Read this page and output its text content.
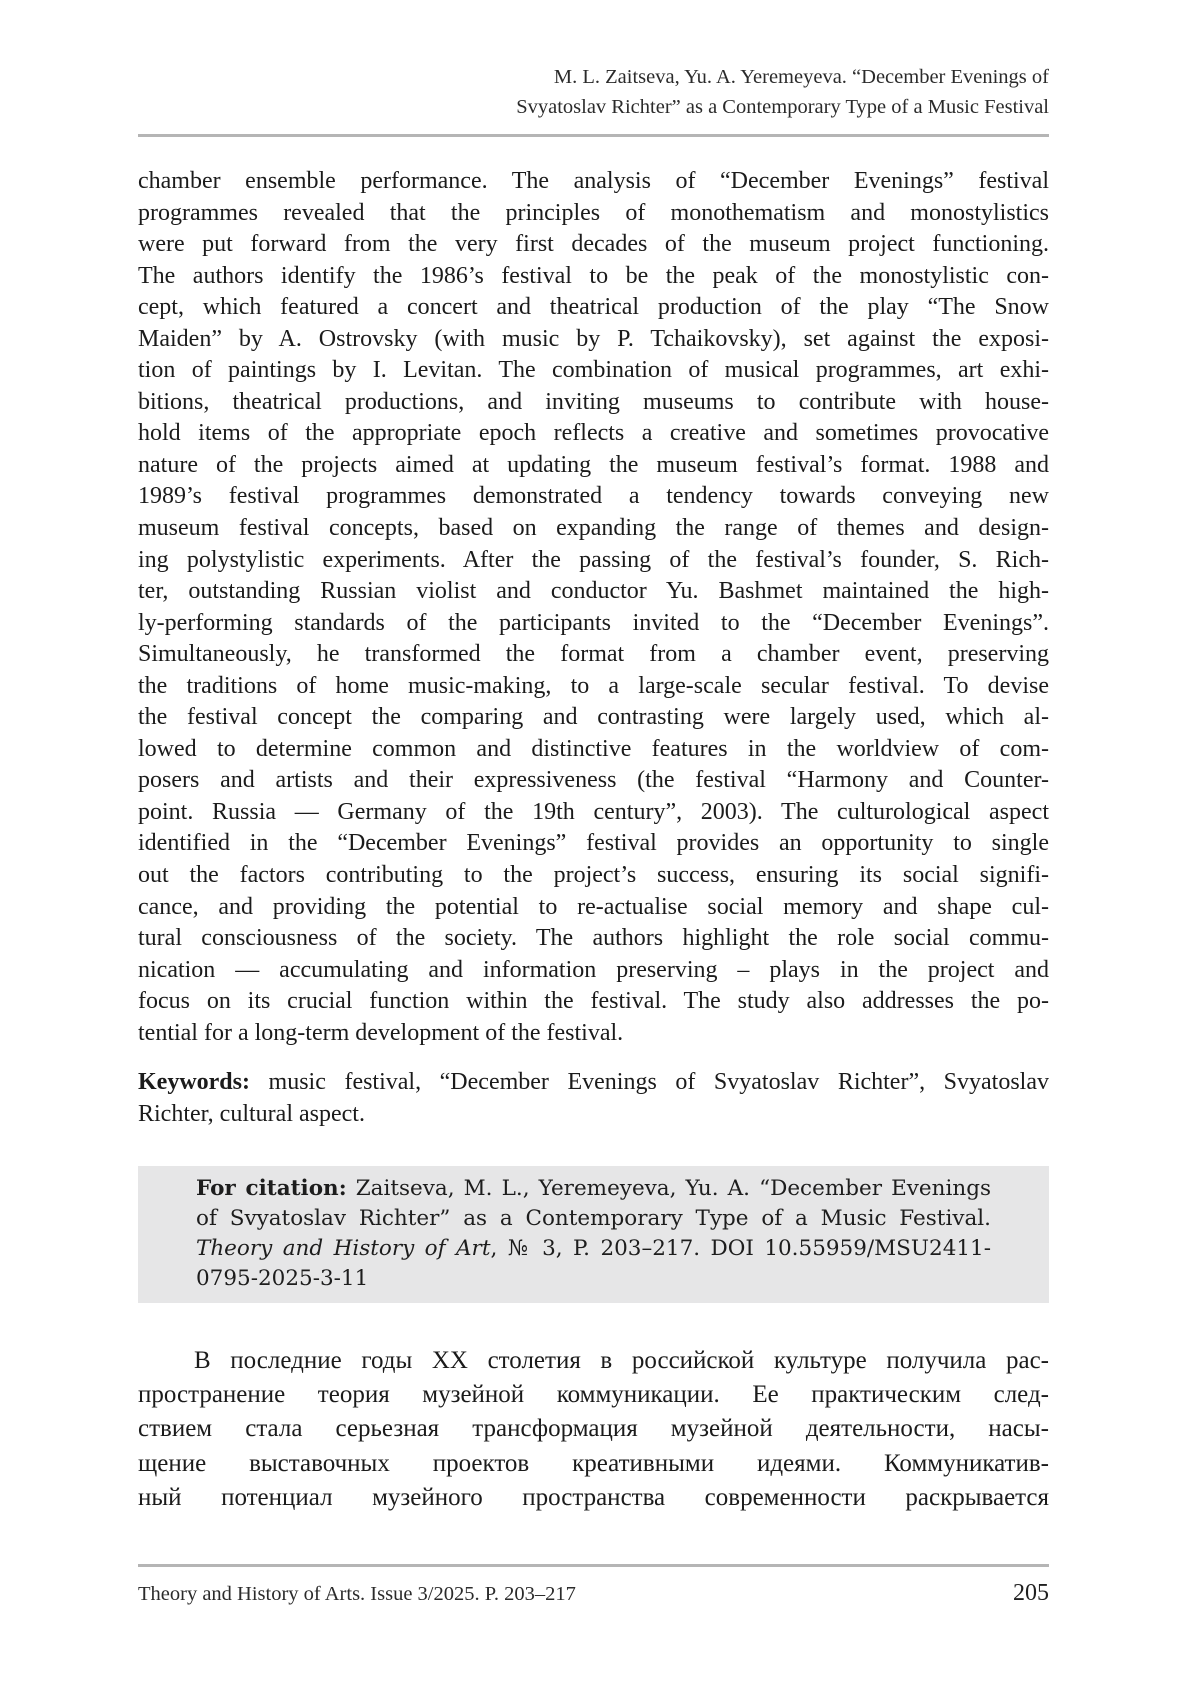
M. L. Zaitseva, Yu. A. Yeremeyeva. “December Evenings of
Svyatoslav Richter” as a Contemporary Type of a Music Festival
chamber ensemble performance. The analysis of “December Evenings” festival
programmes revealed that the principles of monothematism and monostylistics
were put forward from the very first decades of the museum project functioning.
The authors identify the 1986’s festival to be the peak of the monostylistic con-
cept, which featured a concert and theatrical production of the play “The Snow
Maiden” by A. Ostrovsky (with music by P. Tchaikovsky), set against the exposi-
tion of paintings by I. Levitan. The combination of musical programmes, art exhi-
bitions, theatrical productions, and inviting museums to contribute with house-
hold items of the appropriate epoch reflects a creative and sometimes provocative
nature of the projects aimed at updating the museum festival’s format. 1988 and
1989’s festival programmes demonstrated a tendency towards conveying new
museum festival concepts, based on expanding the range of themes and design-
ing polystylistic experiments. After the passing of the festival’s founder, S. Rich-
ter, outstanding Russian violist and conductor Yu. Bashmet maintained the high-
ly-performing standards of the participants invited to the “December Evenings”.
Simultaneously, he transformed the format from a chamber event, preserving
the traditions of home music-making, to a large-scale secular festival. To devise
the festival concept the comparing and contrasting were largely used, which al-
lowed to determine common and distinctive features in the worldview of com-
posers and artists and their expressiveness (the festival “Harmony and Counter-
point. Russia — Germany of the 19th century”, 2003). The culturological aspect
identified in the “December Evenings” festival provides an opportunity to single
out the factors contributing to the project’s success, ensuring its social signifi-
cance, and providing the potential to re-actualise social memory and shape cul-
tural consciousness of the society. The authors highlight the role social commu-
nication — accumulating and information preserving – plays in the project and
focus on its crucial function within the festival. The study also addresses the po-
tential for a long-term development of the festival.
Keywords: music festival, “December Evenings of Svyatoslav Richter”, Svyatoslav
Richter, cultural aspect.
For citation: Zaitseva, M. L., Yeremeyeva, Yu. A. “December Evenings
of Svyatoslav Richter” as a Contemporary Type of a Music Festival.
Theory and History of Art, № 3, P. 203–217. DOI 10.55959/MSU2411-
0795-2025-3-11
В последние годы XX столетия в российской культуре получила рас-
пространение теория музейной коммуникации. Ее практическим след-
ствием стала серьезная трансформация музейной деятельности, насы-
щение выставочных проектов креативными идеями. Коммуникатив-
ный потенциал музейного пространства современности раскрывается
Theory and History of Arts. Issue 3/2025. P. 203–217	205
